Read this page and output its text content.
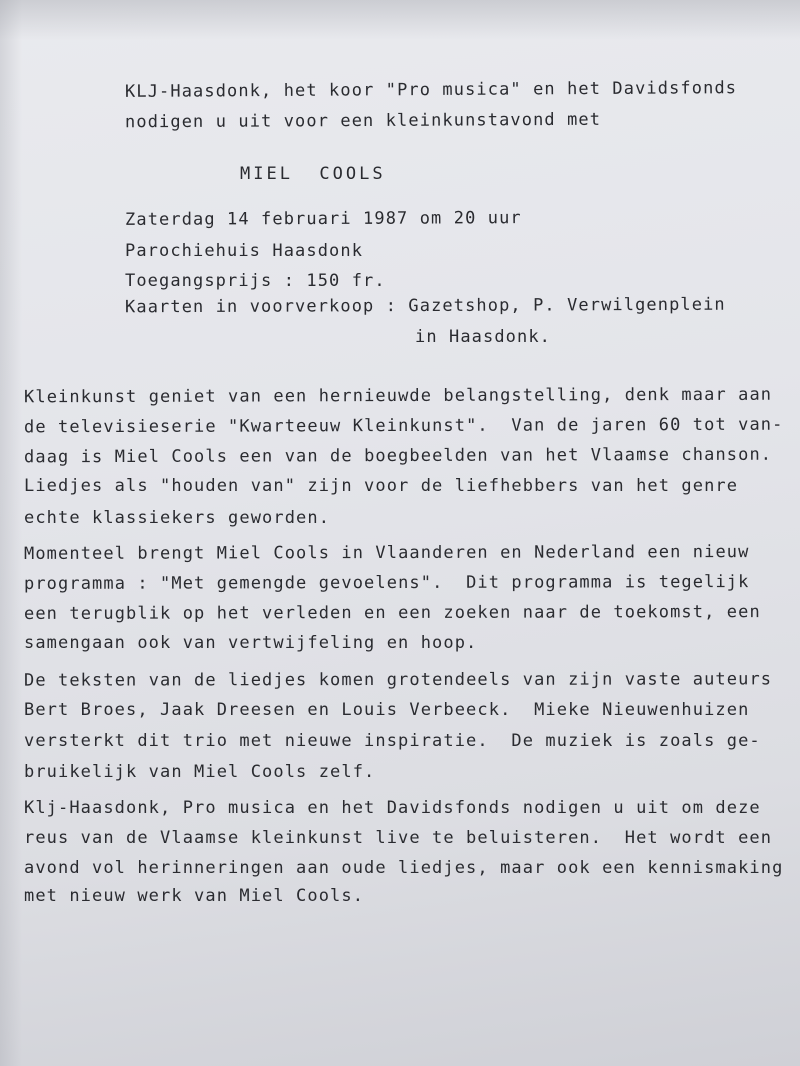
KLJ-Haasdonk, het koor "Pro musica" en het Davidsfonds
nodigen u uit voor een kleinkunstavond met
MIEL  COOLS
Zaterdag 14 februari 1987 om 20 uur
Parochiehuis Haasdonk
Toegangsprijs : 150 fr.
Kaarten in voorverkoop : Gazetshop, P. Verwilgenplein
in Haasdonk.
Kleinkunst geniet van een hernieuwde belangstelling, denk maar aan
de televisieserie "Kwarteeuw Kleinkunst".  Van de jaren 60 tot van-
daag is Miel Cools een van de boegbeelden van het Vlaamse chanson.
Liedjes als "houden van" zijn voor de liefhebbers van het genre
echte klassiekers geworden.
Momenteel brengt Miel Cools in Vlaanderen en Nederland een nieuw
programma : "Met gemengde gevoelens".  Dit programma is tegelijk
een terugblik op het verleden en een zoeken naar de toekomst, een
samengaan ook van vertwijfeling en hoop.
De teksten van de liedjes komen grotendeels van zijn vaste auteurs
Bert Broes, Jaak Dreesen en Louis Verbeeck.  Mieke Nieuwenhuizen
versterkt dit trio met nieuwe inspiratie.  De muziek is zoals ge-
bruikelijk van Miel Cools zelf.
Klj-Haasdonk, Pro musica en het Davidsfonds nodigen u uit om deze
reus van de Vlaamse kleinkunst live te beluisteren.  Het wordt een
avond vol herinneringen aan oude liedjes, maar ook een kennismaking
met nieuw werk van Miel Cools.
